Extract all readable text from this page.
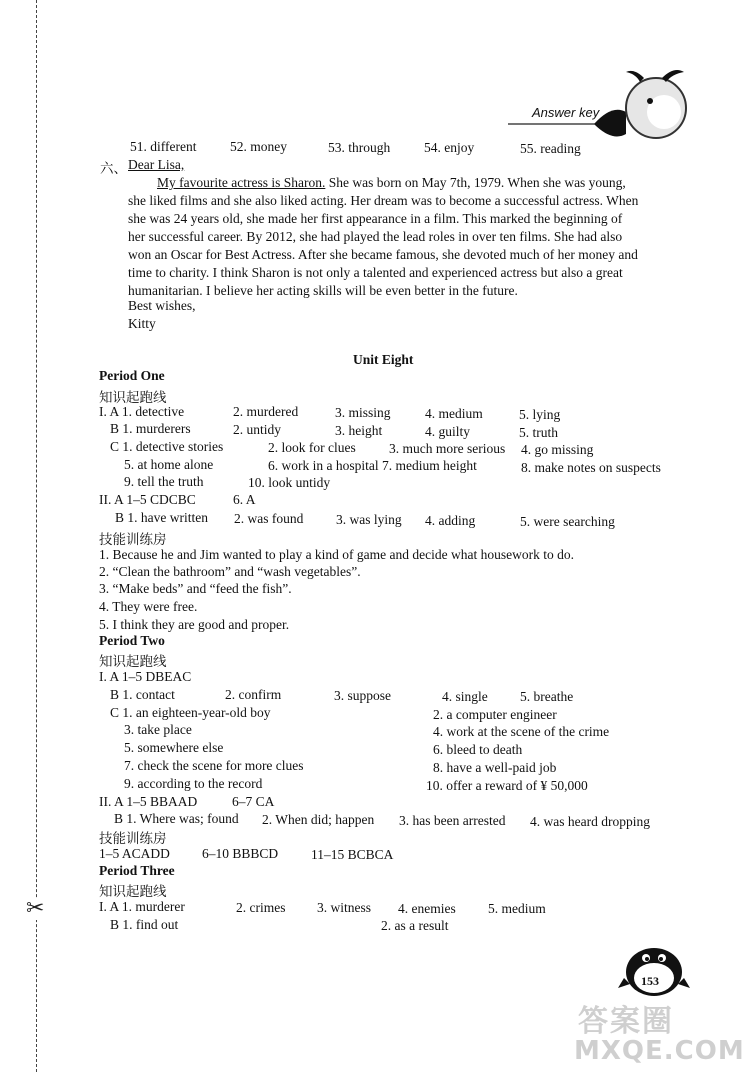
✂
Answer key
51. different 52. money	53. through	54. enjoy	55. reading
六、 Dear Lisa,
My favourite actress is Sharon. She was born on May 7th, 1979. When she was young,
she liked films and she also liked acting. Her dream was to become a successful actress. When
she was 24 years old, she made her first appearance in a film. This marked the beginning of
her successful career. By 2012, she had played the lead roles in over ten films. She had also
won an Oscar for Best Actress. After she became famous, she devoted much of her money and
time to charity. I think Sharon is not only a talented and experienced actress but also a great
humanitarian. I believe her acting skills will be even better in the future.
Best wishes,
Kitty
Unit Eight
Period One
知识起跑线
I. A 1. detective	2. murdered	3. missing	4. medium	5. lying
B 1. murderers	2. untidy	3. height	4. guilty	5. truth
C 1. detective stories	2. look for clues 3. much more serious 4. go missing
5. at home alone	6. work in a hospital 7. medium height	8. make notes on suspects
9. tell the truth	10. look untidy
II. A 1–5 CDCBC	6. A
B 1. have written 2. was found 3. was lying 4. adding	5. were searching
技能训练房
1. Because he and Jim wanted to play a kind of game and decide what housework to do.
2. “Clean the bathroom” and “wash vegetables”.
3. “Make beds” and “feed the fish”.
4. They were free.
5. I think they are good and proper.
Period Two
知识起跑线
I. A 1–5 DBEAC
B 1. contact	2. confirm	3. suppose	4. single 5. breathe
C 1. an eighteen-year-old boy	2. a computer engineer
3. take place	4. work at the scene of the crime
5. somewhere else	6. bleed to death
7. check the scene for more clues	8. have a well-paid job
9. according to the record	10. offer a reward of ¥ 50,000
II. A 1–5 BBAAD	6–7 CA
B 1. Where was; found 2. When did; happen 3. has been arrested 4. was heard dropping
技能训练房
1–5 ACADD 6–10 BBBCD 11–15 BCBCA
Period Three
知识起跑线
I. A 1. murderer	2. crimes 3. witness 4. enemies 5. medium
B 1. find out	2. as a result
153
答案圈
MXQE.COM
